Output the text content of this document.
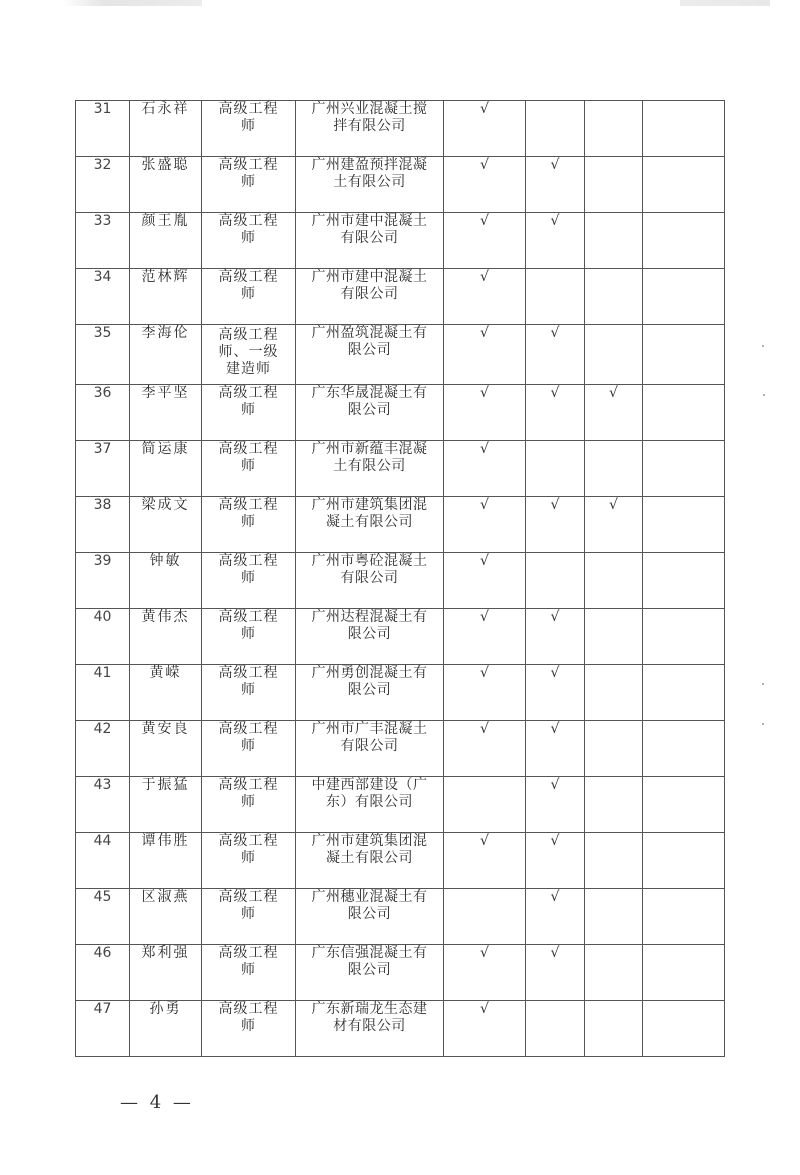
31	石永祥	高级工程师	广州兴业混凝土搅拌有限公司	√			
32	张盛聪	高级工程师	广州建盈预拌混凝土有限公司	√	√		
33	颜王胤	高级工程师	广州市建中混凝土有限公司	√	√		
34	范林辉	高级工程师	广州市建中混凝土有限公司	√			
35	李海伦	高级工程师、一级建造师	广州盈筑混凝土有限公司	√	√		
36	李平坚	高级工程师	广东华晟混凝土有限公司	√	√	√	
37	简运康	高级工程师	广州市新蕴丰混凝土有限公司	√			
38	梁成文	高级工程师	广州市建筑集团混凝土有限公司	√	√	√	
39	钟敏	高级工程师	广州市粤砼混凝土有限公司	√			
40	黄伟杰	高级工程师	广州达程混凝土有限公司	√	√		
41	黄嵘	高级工程师	广州勇创混凝土有限公司	√	√		
42	黄安良	高级工程师	广州市广丰混凝土有限公司	√	√		
43	于振猛	高级工程师	中建西部建设（广东）有限公司		√		
44	谭伟胜	高级工程师	广州市建筑集团混凝土有限公司	√	√		
45	区淑燕	高级工程师	广州穗业混凝土有限公司		√		
46	郑利强	高级工程师	广东信强混凝土有限公司	√	√		
47	孙勇	高级工程师	广东新瑞龙生态建材有限公司	√			
— 4 —
